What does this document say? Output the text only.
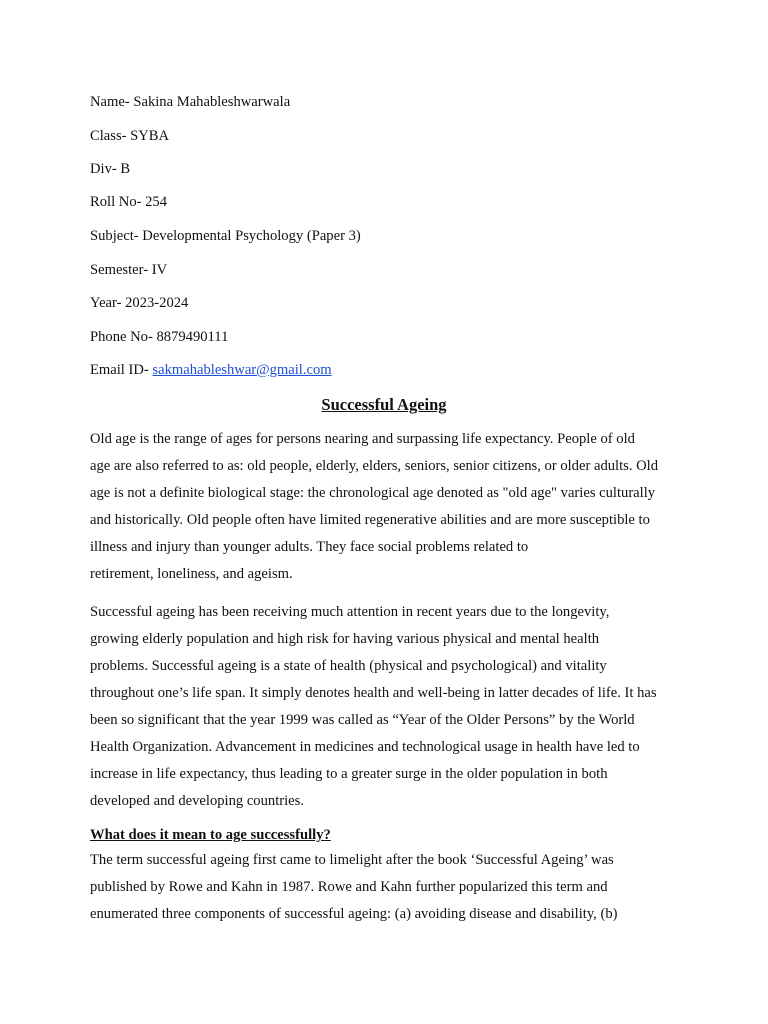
Name- Sakina Mahableshwarwala

Class- SYBA

Div- B

Roll No- 254

Subject- Developmental Psychology (Paper 3)

Semester- IV

Year- 2023-2024

Phone No- 8879490111

Email ID- sakmahableshwar@gmail.com

Successful Ageing
Old age is the range of ages for persons nearing and surpassing life expectancy. People of old
age are also referred to as: old people, elderly, elders, seniors, senior citizens, or older adults. Old
age is not a definite biological stage: the chronological age denoted as "old age" varies culturally
and historically. Old people often have limited regenerative abilities and are more susceptible to
illness and injury than younger adults. They face social problems related to
retirement, loneliness, and ageism.
Successful ageing has been receiving much attention in recent years due to the longevity,
growing elderly population and high risk for having various physical and mental health
problems. Successful ageing is a state of health (physical and psychological) and vitality
throughout one’s life span. It simply denotes health and well-being in latter decades of life. It has
been so significant that the year 1999 was called as “Year of the Older Persons” by the World
Health Organization. Advancement in medicines and technological usage in health have led to
increase in life expectancy, thus leading to a greater surge in the older population in both
developed and developing countries.
What does it mean to age successfully?
The term successful ageing first came to limelight after the book ‘Successful Ageing’ was
published by Rowe and Kahn in 1987. Rowe and Kahn further popularized this term and
enumerated three components of successful ageing: (a) avoiding disease and disability, (b)
